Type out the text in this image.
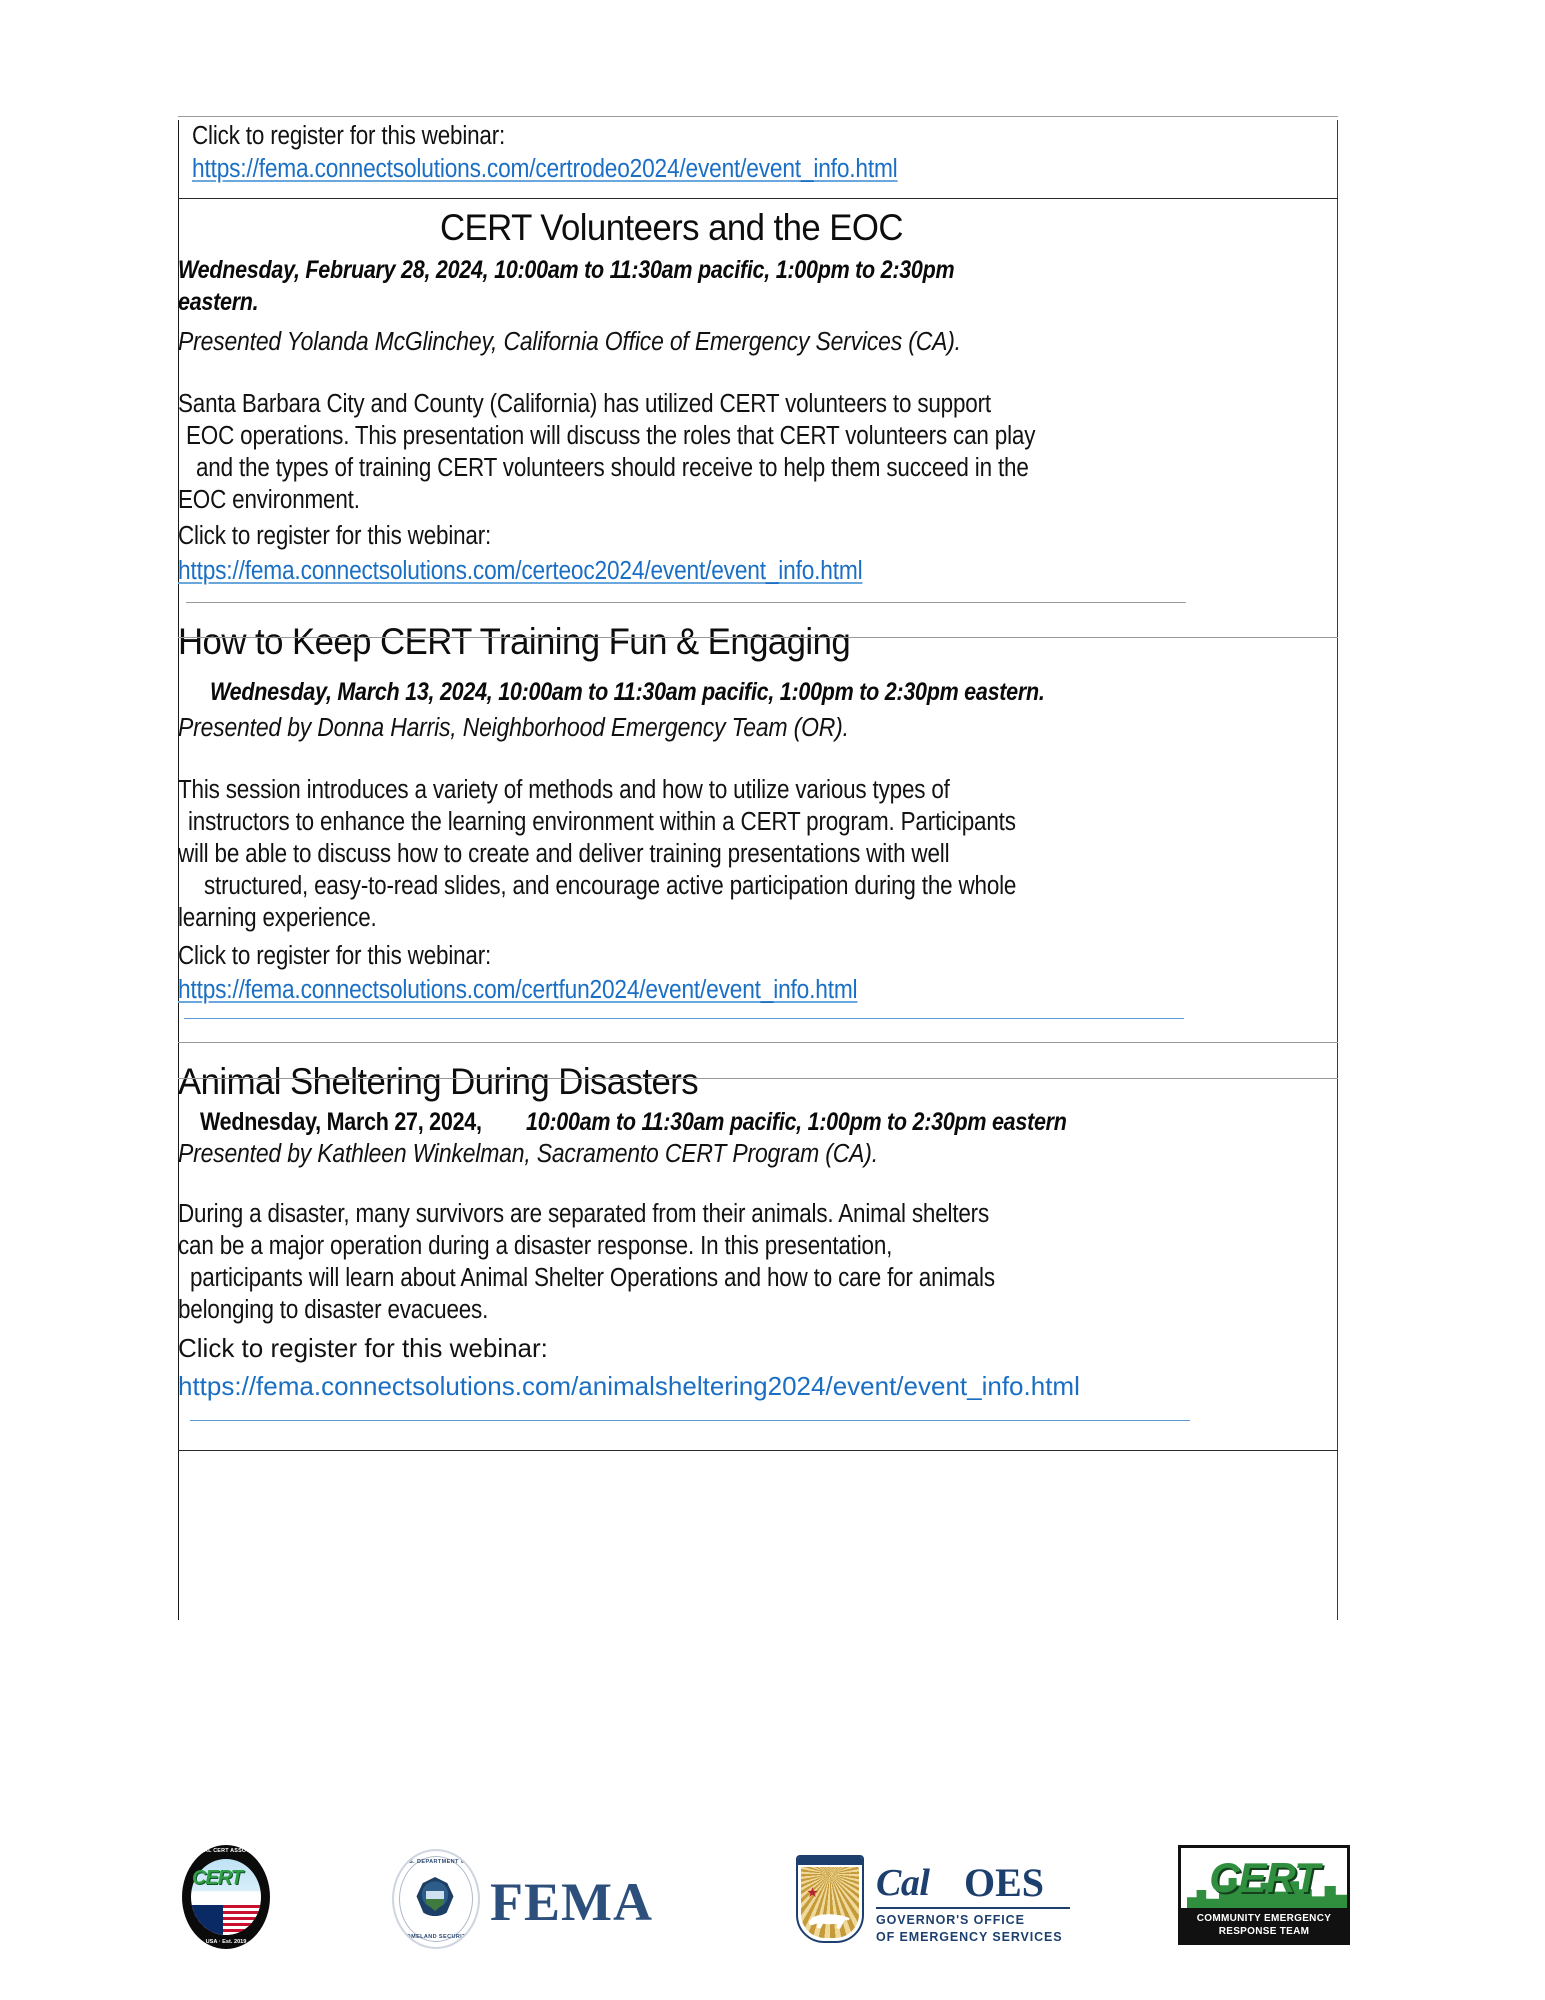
Click to register for this webinar:
https://fema.connectsolutions.com/certrodeo2024/event/event_info.html
CERT Volunteers and the EOC
Wednesday, February 28, 2024, 10:00am to 11:30am pacific, 1:00pm to 2:30pm
eastern.
Presented Yolanda McGlinchey, California Office of Emergency Services (CA).
Santa Barbara City and County (California) has utilized CERT volunteers to support
EOC operations. This presentation will discuss the roles that CERT volunteers can play
and the types of training CERT volunteers should receive to help them succeed in the
EOC environment.
Click to register for this webinar:
https://fema.connectsolutions.com/certeoc2024/event/event_info.html
How to Keep CERT Training Fun & Engaging
Wednesday, March 13, 2024, 10:00am to 11:30am pacific, 1:00pm to 2:30pm eastern.
Presented by Donna Harris, Neighborhood Emergency Team (OR).
This session introduces a variety of methods and how to utilize various types of
instructors to enhance the learning environment within a CERT program. Participants
will be able to discuss how to create and deliver training presentations with well
structured, easy-to-read slides, and encourage active participation during the whole
learning experience.
Click to register for this webinar:
https://fema.connectsolutions.com/certfun2024/event/event_info.html
Animal Sheltering During Disasters
Wednesday, March 27, 2024, 10:00am to 11:30am pacific, 1:00pm to 2:30pm eastern
Presented by Kathleen Winkelman, Sacramento CERT Program (CA).
During a disaster, many survivors are separated from their animals. Animal shelters
can be a major operation during a disaster response. In this presentation,
participants will learn about Animal Shelter Operations and how to care for animals
belonging to disaster evacuees.
Click to register for this webinar:
https://fema.connectsolutions.com/animalsheltering2024/event/event_info.html
NATIONAL CERT ASSOCIATION
CERT
USA · Est. 2019
U.S. DEPARTMENT OF
HOMELAND SECURITY
FEMA	Cal OES
GOVERNOR'S OFFICE
OF EMERGENCY SERVICES
CERT
COMMUNITY EMERGENCY
RESPONSE TEAM
